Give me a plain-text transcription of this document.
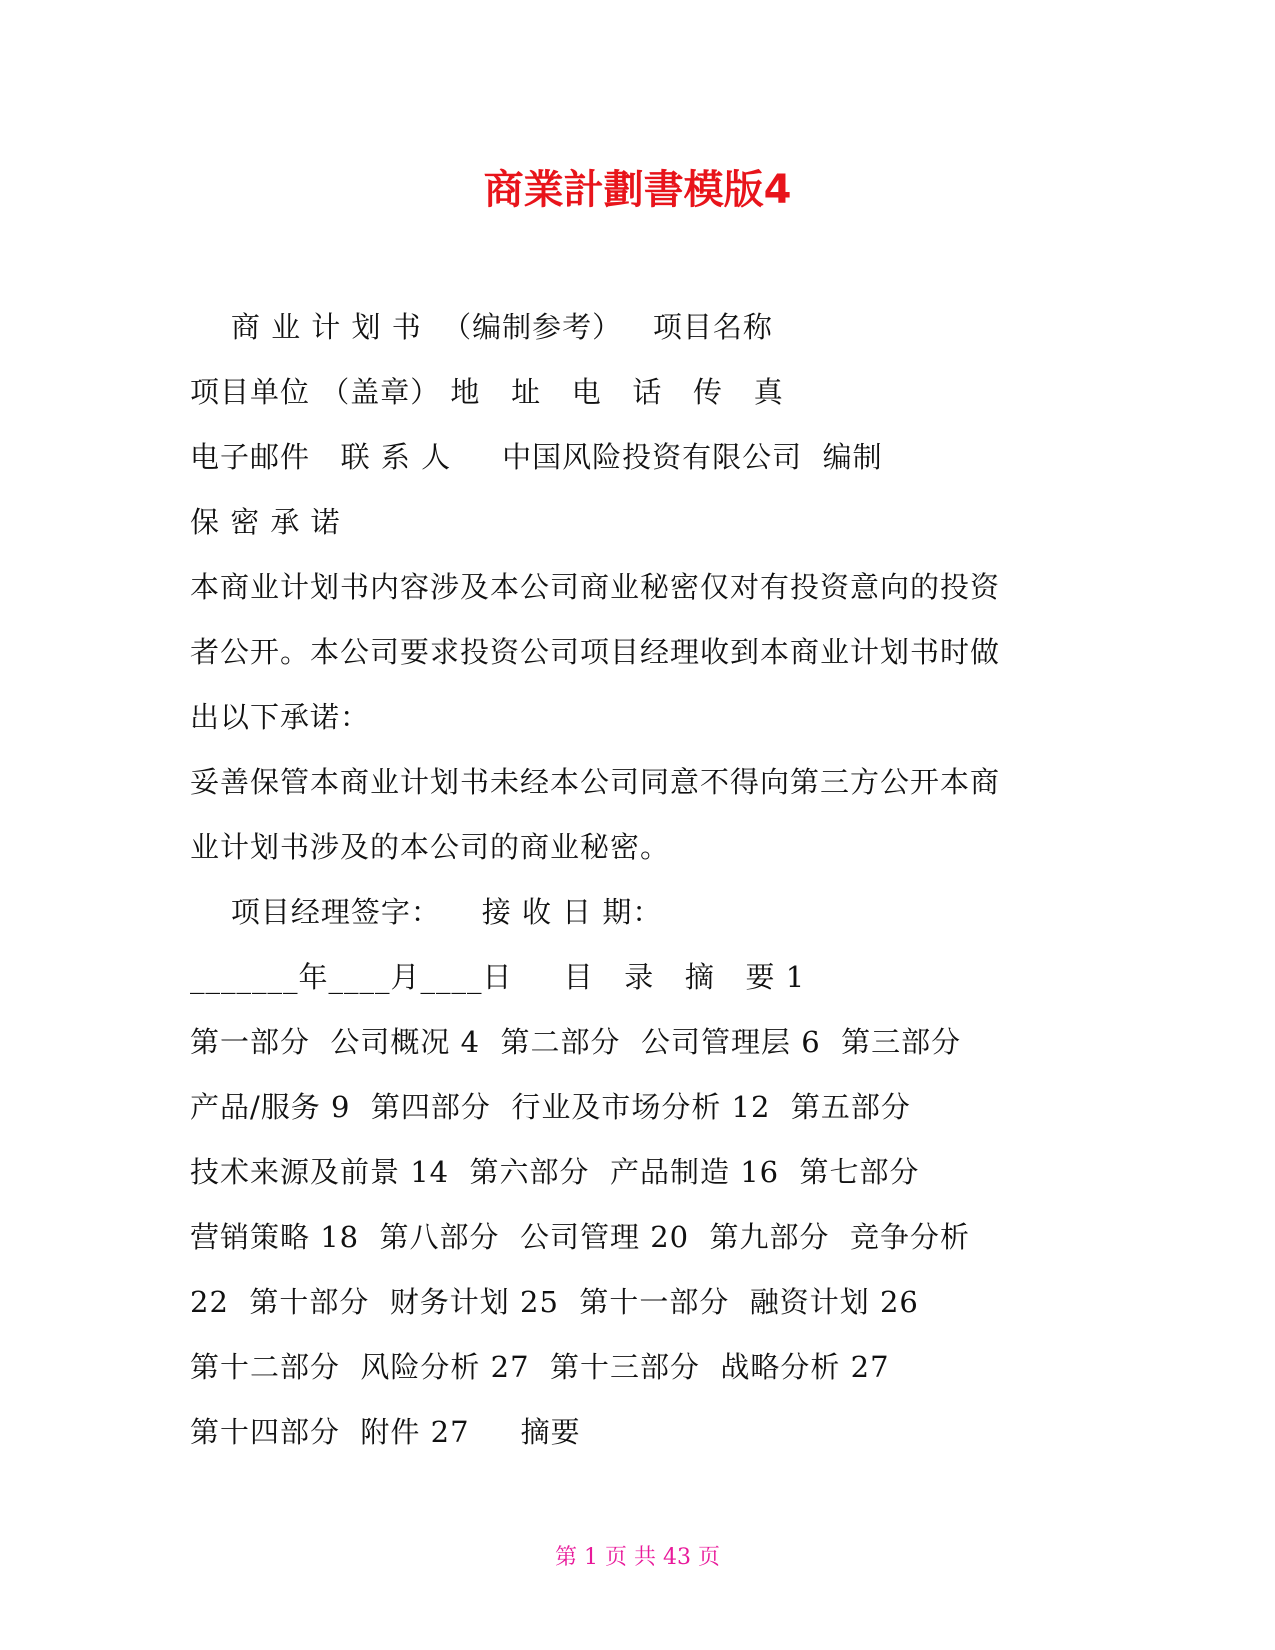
商業計劃書模版4
商 业 计 划 书  （编制参考）   项目名称
项目单位 （盖章） 地   址   电   话   传   真
电子邮件   联 系 人     中国风险投资有限公司  编制
保 密 承 诺
本商业计划书内容涉及本公司商业秘密仅对有投资意向的投资
者公开。本公司要求投资公司项目经理收到本商业计划书时做
出以下承诺：
妥善保管本商业计划书未经本公司同意不得向第三方公开本商
业计划书涉及的本公司的商业秘密。
项目经理签字：    接 收 日 期：
_______年____月____日     目   录   摘   要 1
第一部分  公司概况 4  第二部分  公司管理层 6  第三部分
产品/服务 9  第四部分  行业及市场分析 12  第五部分
技术来源及前景 14  第六部分  产品制造 16  第七部分
营销策略 18  第八部分  公司管理 20  第九部分  竞争分析
22  第十部分  财务计划 25  第十一部分  融资计划 26
第十二部分  风险分析 27  第十三部分  战略分析 27
第十四部分  附件 27     摘要
第 1 页 共 43 页
